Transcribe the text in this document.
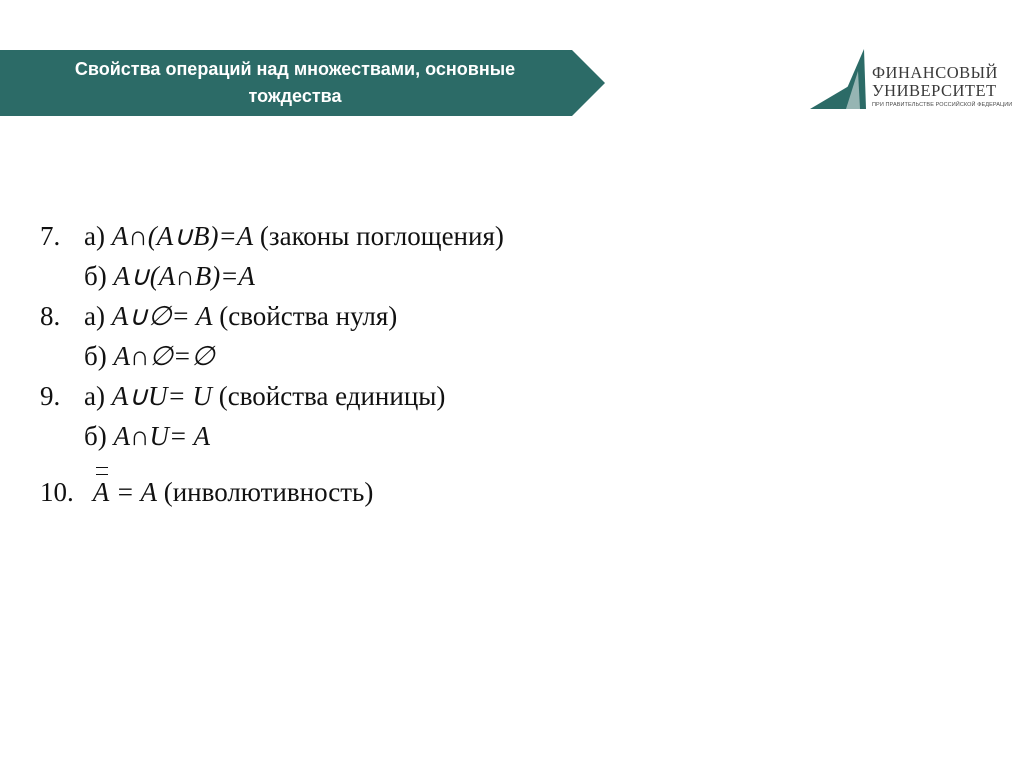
Свойства операций над множествами, основные
тождества
ФИНАНСОВЫЙ
УНИВЕРСИТЕТ
ПРИ ПРАВИТЕЛЬСТВЕ РОССИЙСКОЙ ФЕДЕРАЦИИ
7. а) A∩(A∪B)=A (законы поглощения)
б) A∪(A∩B)=A
8. а) A∪∅= A (свойства нуля)
б) A∩∅=∅
9. а) A∪U= U (свойства единицы)
б) A∩U= A
10. A = A (инволютивность)
